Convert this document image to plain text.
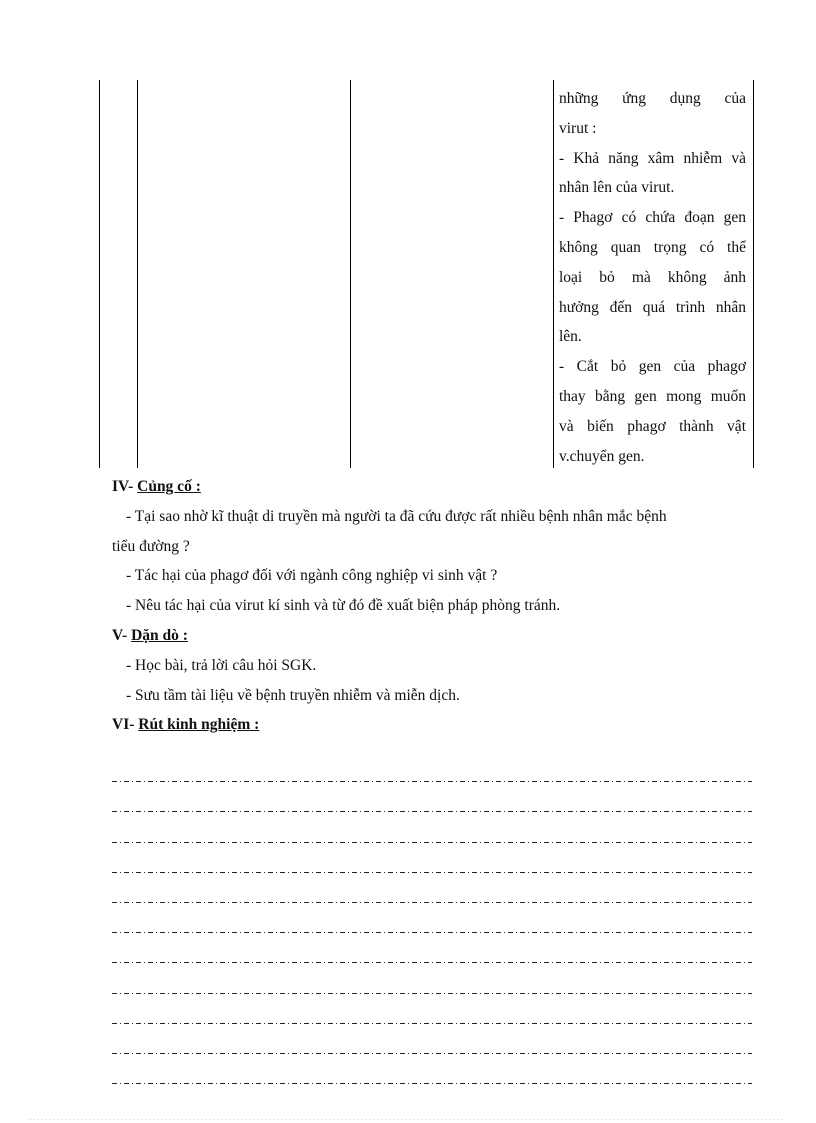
những ứng dụng của
virut :
- Khả năng xâm nhiễm và
nhân lên của virut.
- Phagơ có chứa đoạn gen
không quan trọng có thể
loại bỏ mà không ảnh
hưởng đến quá trình nhân
lên.
- Cắt bỏ gen của phagơ
thay bằng gen mong muốn
và biến phagơ thành vật
v.chuyển gen.
IV- Củng cố :
- Tại sao nhờ kĩ thuật di truyền mà người ta đã cứu được rất nhiều bệnh nhân mắc bệnh
tiểu đường ?
- Tác hại của phagơ đối với ngành công nghiệp vi sinh vật ?
- Nêu tác hại của virut kí sinh và từ đó đề xuất biện pháp phòng tránh.
V- Dặn dò :
- Học bài, trả lời câu hỏi SGK.
- Sưu tầm tài liệu về bệnh truyền nhiễm và miễn dịch.
VI- Rút kinh nghiệm :
